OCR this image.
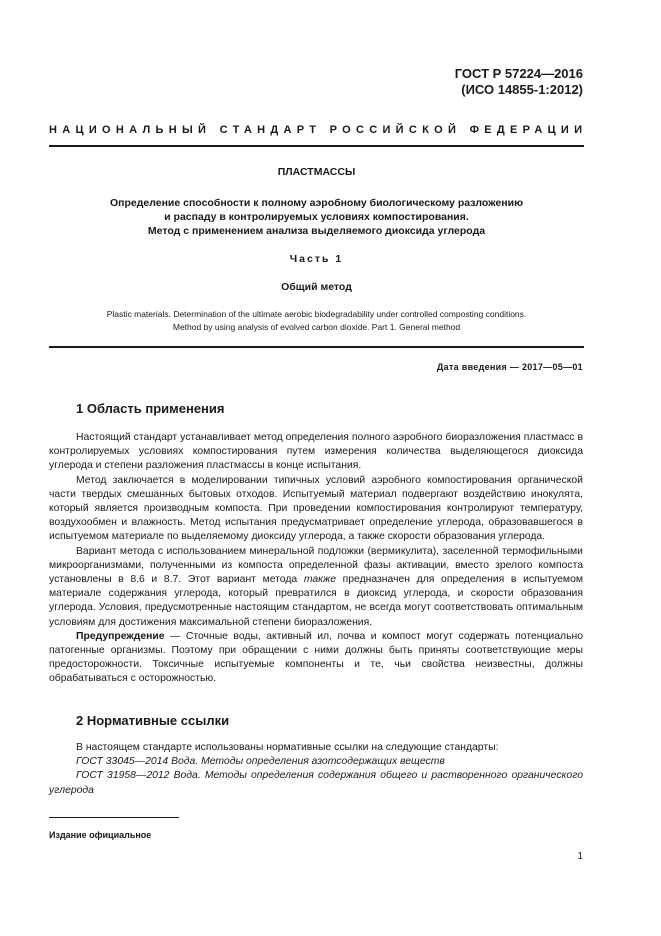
ГОСТ Р 57224—2016
(ИСО 14855-1:2012)
НАЦИОНАЛЬНЫЙ СТАНДАРТ РОССИЙСКОЙ ФЕДЕРАЦИИ
ПЛАСТМАССЫ
Определение способности к полному аэробному биологическому разложению
и распаду в контролируемых условиях компостирования.
Метод с применением анализа выделяемого диоксида углерода
Часть 1
Общий метод
Plastic materials. Determination of the ultimate aerobic biodegradability under controlled composting conditions.
Method by using analysis of evolved carbon dioxide. Part 1. General method
Дата введения — 2017—05—01
1 Область применения

Настоящий стандарт устанавливает метод определения полного аэробного биоразложения пластмасс в контролируемых условиях компостирования путем измерения количества выделяющегося диоксида углерода и степени разложения пластмассы в конце испытания.

Метод заключается в моделировании типичных условий аэробного компостирования органической части твердых смешанных бытовых отходов. Испытуемый материал подвергают воздействию инокулята, который является производным компоста. При проведении компостирования контролируют температуру, воздухообмен и влажность. Метод испытания предусматривает определение углерода, образовавшегося в испытуемом материале по выделяемому диоксиду углерода, а также скорости образования углерода.

Вариант метода с использованием минеральной подложки (вермикулита), заселенной термофильными микроорганизмами, полученными из компоста определенной фазы активации, вместо зрелого компоста установлены в 8.6 и 8.7. Этот вариант метода также предназначен для определения в испытуемом материале содержания углерода, который превратился в диоксид углерода, и скорости образования углерода. Условия, предусмотренные настоящим стандартом, не всегда могут соответствовать оптимальным условиям для достижения максимальной степени биоразложения.

Предупреждение — Сточные воды, активный ил, почва и компост могут содержать потенциально патогенные организмы. Поэтому при обращении с ними должны быть приняты соответствующие меры предосторожности. Токсичные испытуемые компоненты и те, чьи свойства неизвестны, должны обрабатываться с осторожностью.

2 Нормативные ссылки

В настоящем стандарте использованы нормативные ссылки на следующие стандарты:

ГОСТ 33045—2014 Вода. Методы определения азотсодержащих веществ

ГОСТ 31958—2012 Вода. Методы определения содержания общего и растворенного органического углерода

Издание официальное
1
